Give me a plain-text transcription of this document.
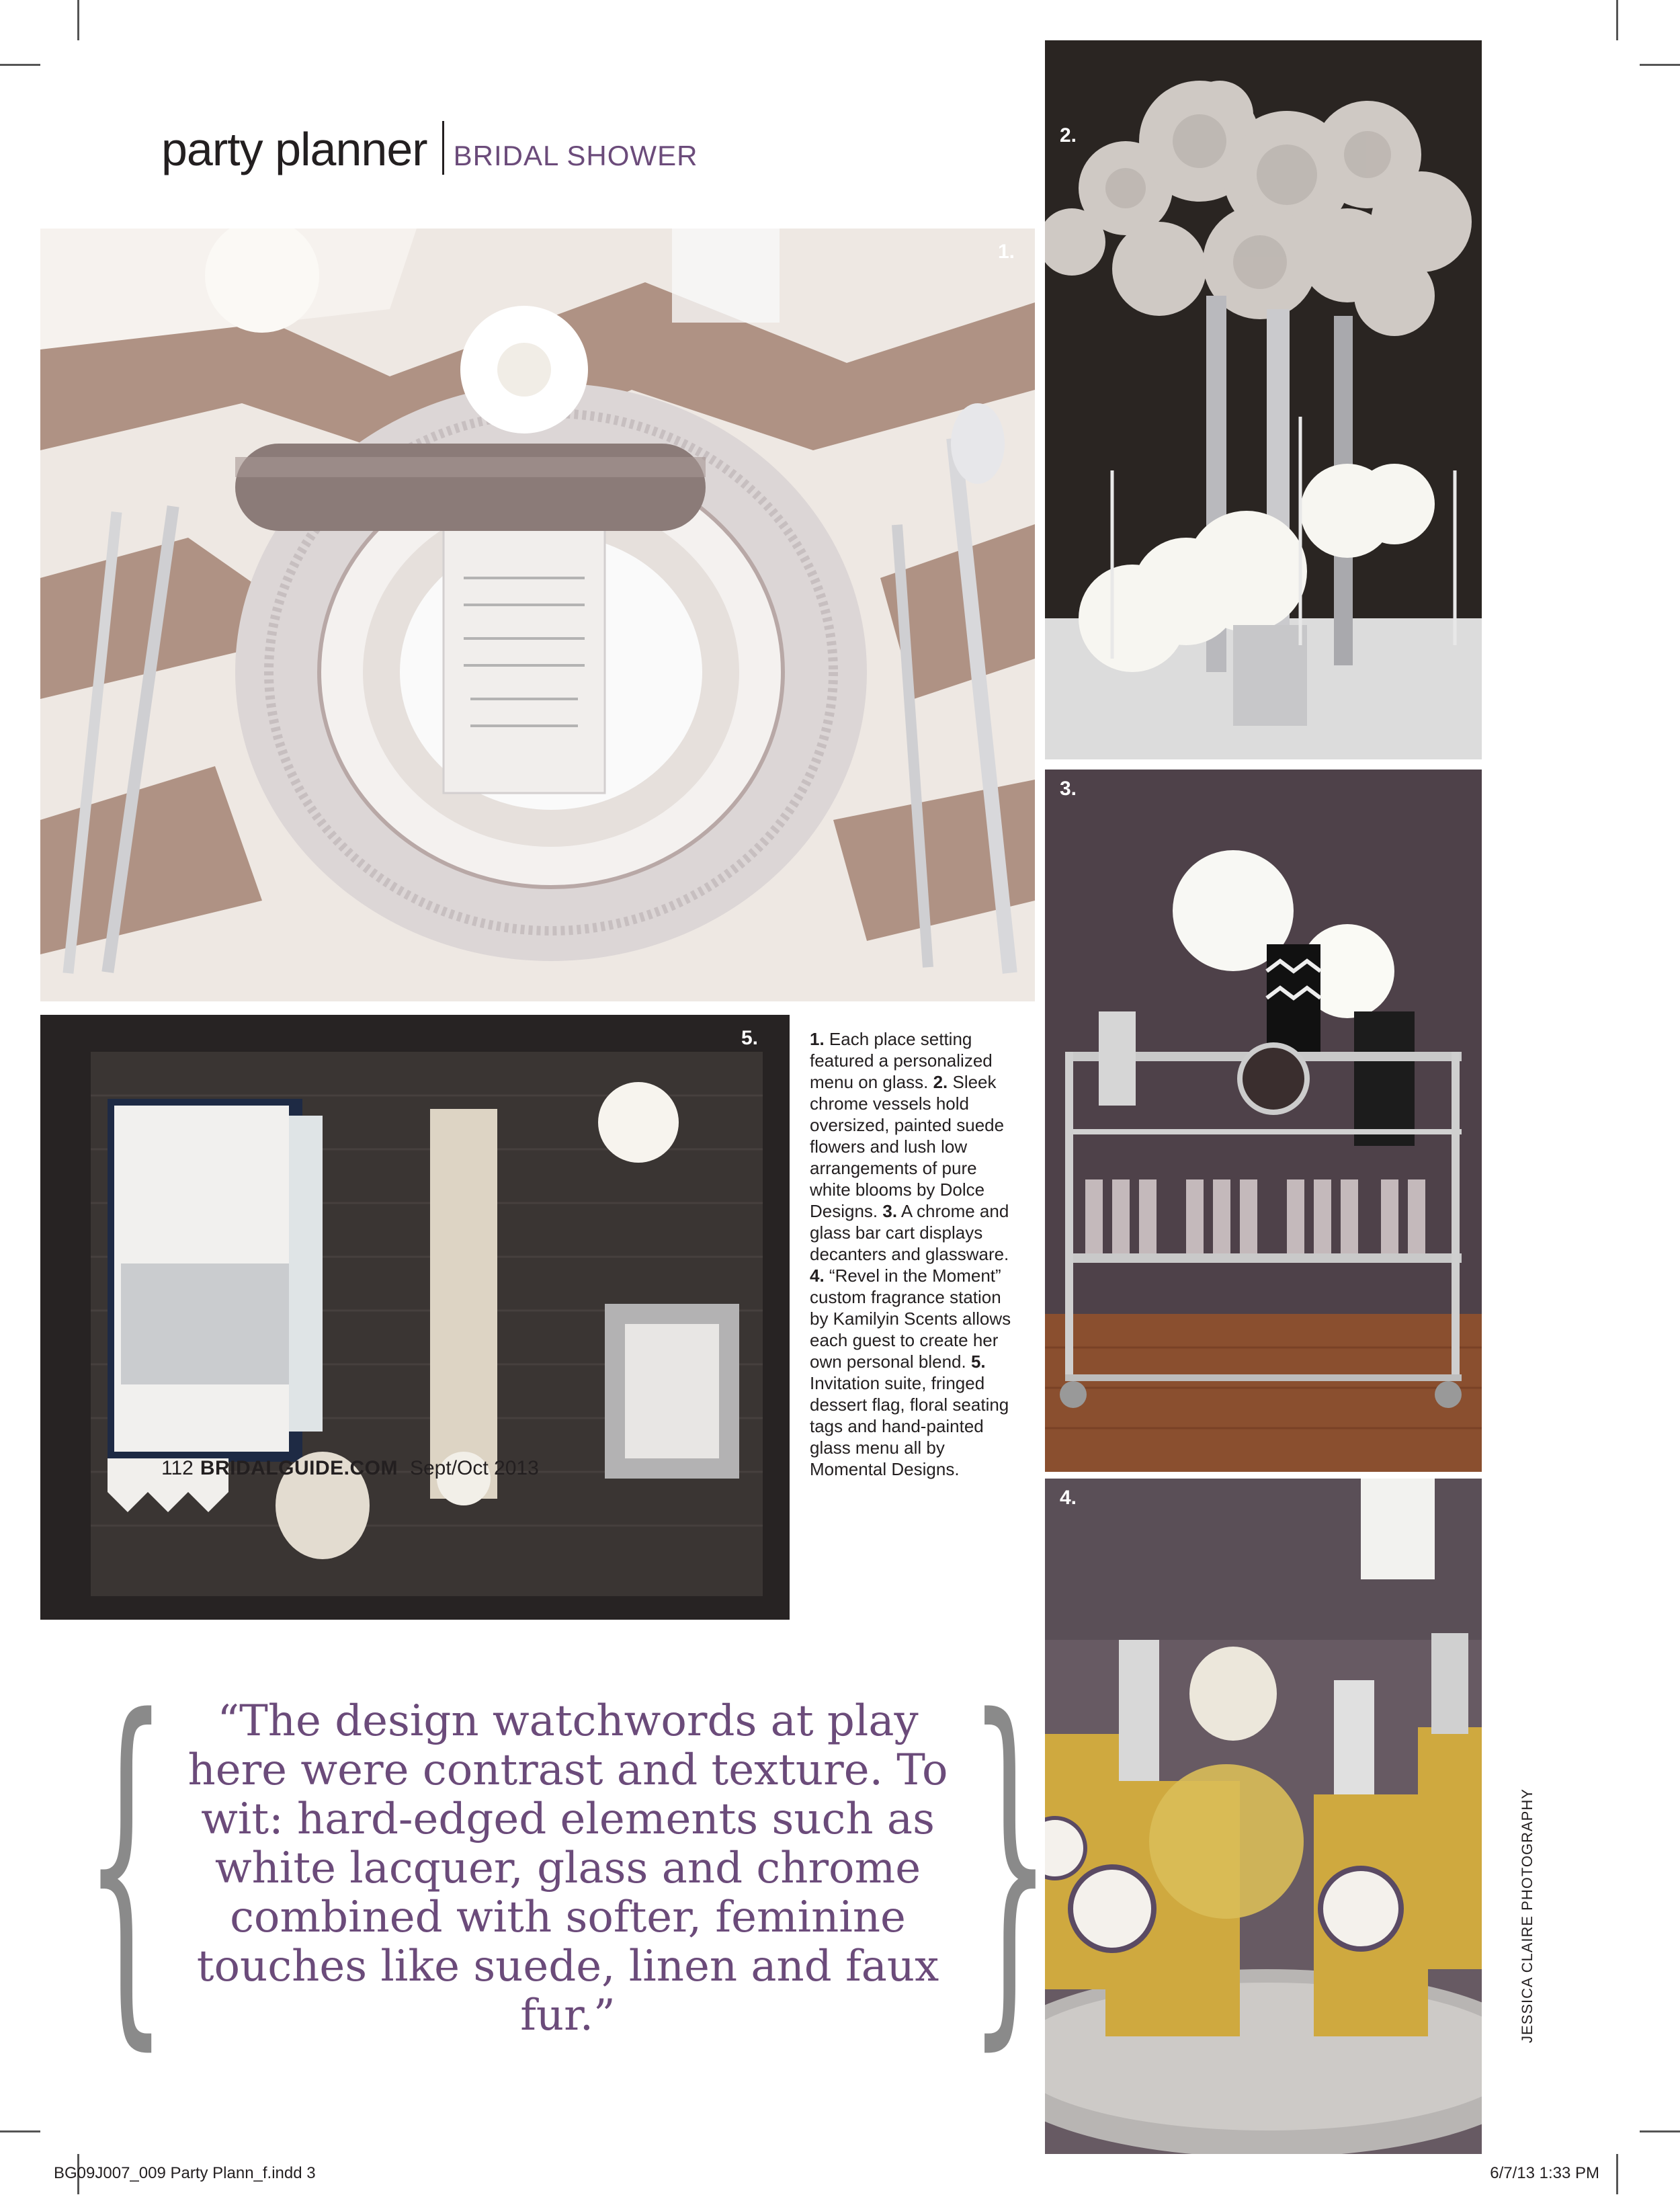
party planner BRIDAL SHOWER
1.
2.
3.
4.
5.	1. Each place setting featured a personalized menu on glass. 2. Sleek chrome vessels hold oversized, painted suede flowers and lush low arrangements of pure white blooms by Dolce Designs. 3. A chrome and glass bar cart displays decanters and glassware.
4. “Revel in the Moment” custom fragrance station by Kamilyin Scents allows each guest to create her own personal blend. 5. Invitation suite, fringed dessert flag, floral seating tags and hand-painted glass menu all by Momental Designs.
{	“The design watchwords at play here were contrast and texture. To wit: hard-edged elements such as white lacquer, glass and chrome combined with softer, feminine touches like suede, linen and faux fur.” }
112 BRIDALGUIDE.COM Sept/Oct 2013
JESSICA CLAIRE PHOTOGRAPHY
BG09J007_009 Party Plann_f.indd 3	6/7/13 1:33 PM
